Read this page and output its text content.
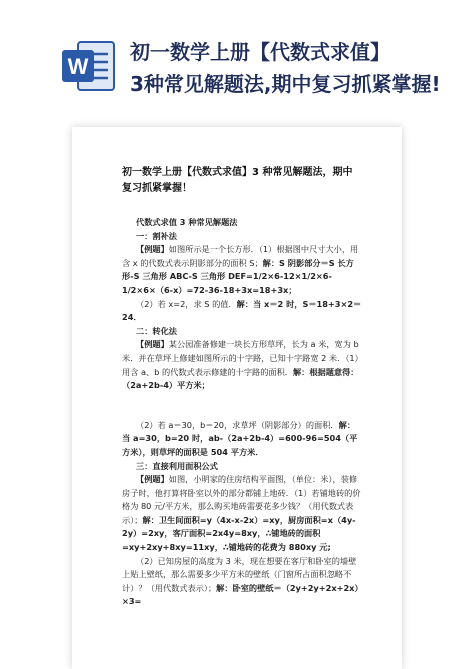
W
初一数学上册【代数式求值】
3种常见解题法,期中复习抓紧掌握!
初一数学上册【代数式求值】3 种常见解题法，期中复习抓紧掌握！

代数式求值 3 种常见解题法

一：割补法

【例题】如图所示是一个长方形．（1）根据图中尺寸大小，用含 x 的代数式表示阴影部分的面积 S；解：S 阴影部分＝S 长方形-S 三角形 ABC-S 三角形 DEF=1/2×6-12×1/2×6-1/2×6×（6-x）=72-36-18+3x=18+3x；

（2）若 x=2，求 S 的值．解：当 x＝2 时，S＝18+3×2＝24．

二：转化法

【例题】某公园准备修建一块长方形草坪，长为 a 米，宽为 b 米．并在草坪上修建如图所示的十字路，已知十字路宽 2 米．（1）用含 a、b 的代数式表示修建的十字路的面积．解：根据题意得：（2a+2b-4）平方米；

（2）若 a＝30，b＝20，求草坪（阴影部分）的面积．解：当 a=30，b=20 时，ab-（2a+2b-4）=600-96=504（平方米），则草坪的面积是 504 平方米．

三：直接利用面积公式

【例题】如图，小明家的住房结构平面图，（单位：米），装修房子时，他打算将卧室以外的部分都铺上地砖．（1）若铺地砖的价格为 80 元/平方米，那么购买地砖需要花多少钱？（用代数式表示）；解：卫生间面积=y（4x-x-2x）=xy，厨房面积=x（4y-2y）=2xy，客厅面积=2x4y=8xy，∴铺地砖的面积=xy+2xy+8xy=11xy，∴铺地砖的花费为 880xy 元;

（2）已知房屋的高度为 3 米，现在想要在客厅和卧室的墙壁上贴上壁纸，那么需要多少平方米的壁纸（门窗所占面积忽略不计）？（用代数式表示）；解：卧室的壁纸＝（2y+2y+2x+2x）×3=
